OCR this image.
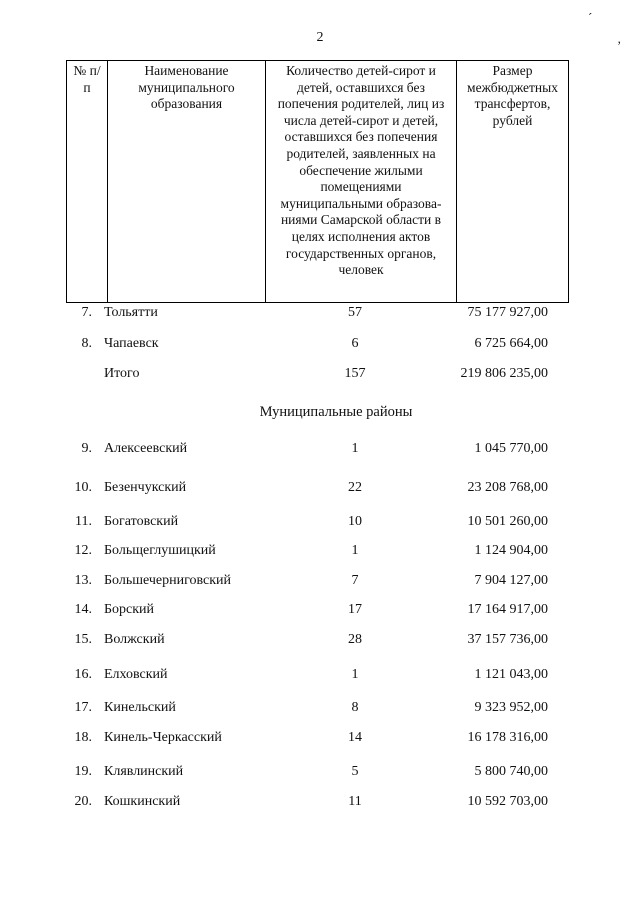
2
´
ʼ
№ п/п	Наименование муниципального образования	Количество детей-сирот и детей, оставшихся без попечения родителей, лиц из числа детей-сирот и детей, оставшихся без попечения родителей, заявленных на обеспечение жилыми помещениями муниципальными образованиями Самарской области в целях исполнения актов государственных органов, человек	Размер межбюджетных трансфертов, рублей
7. Тольятти	57	75 177 927,00
8. Чапаевск	6	6 725 664,00
Итого	157	219 806 235,00
Муниципальные районы
9. Алексеевский	1	1 045 770,00
10. Безенчукский	22	23 208 768,00
11. Богатовский	10	10 501 260,00
12. Больщеглушицкий	1	1 124 904,00
13. Большечерниговский	7	7 904 127,00
14. Борский	17	17 164 917,00
15. Волжский	28	37 157 736,00
16. Елховский	1	1 121 043,00
17. Кинельский	8	9 323 952,00
18. Кинель-Черкасский	14	16 178 316,00
19. Клявлинский	5	5 800 740,00
20. Кошкинский	11	10 592 703,00
